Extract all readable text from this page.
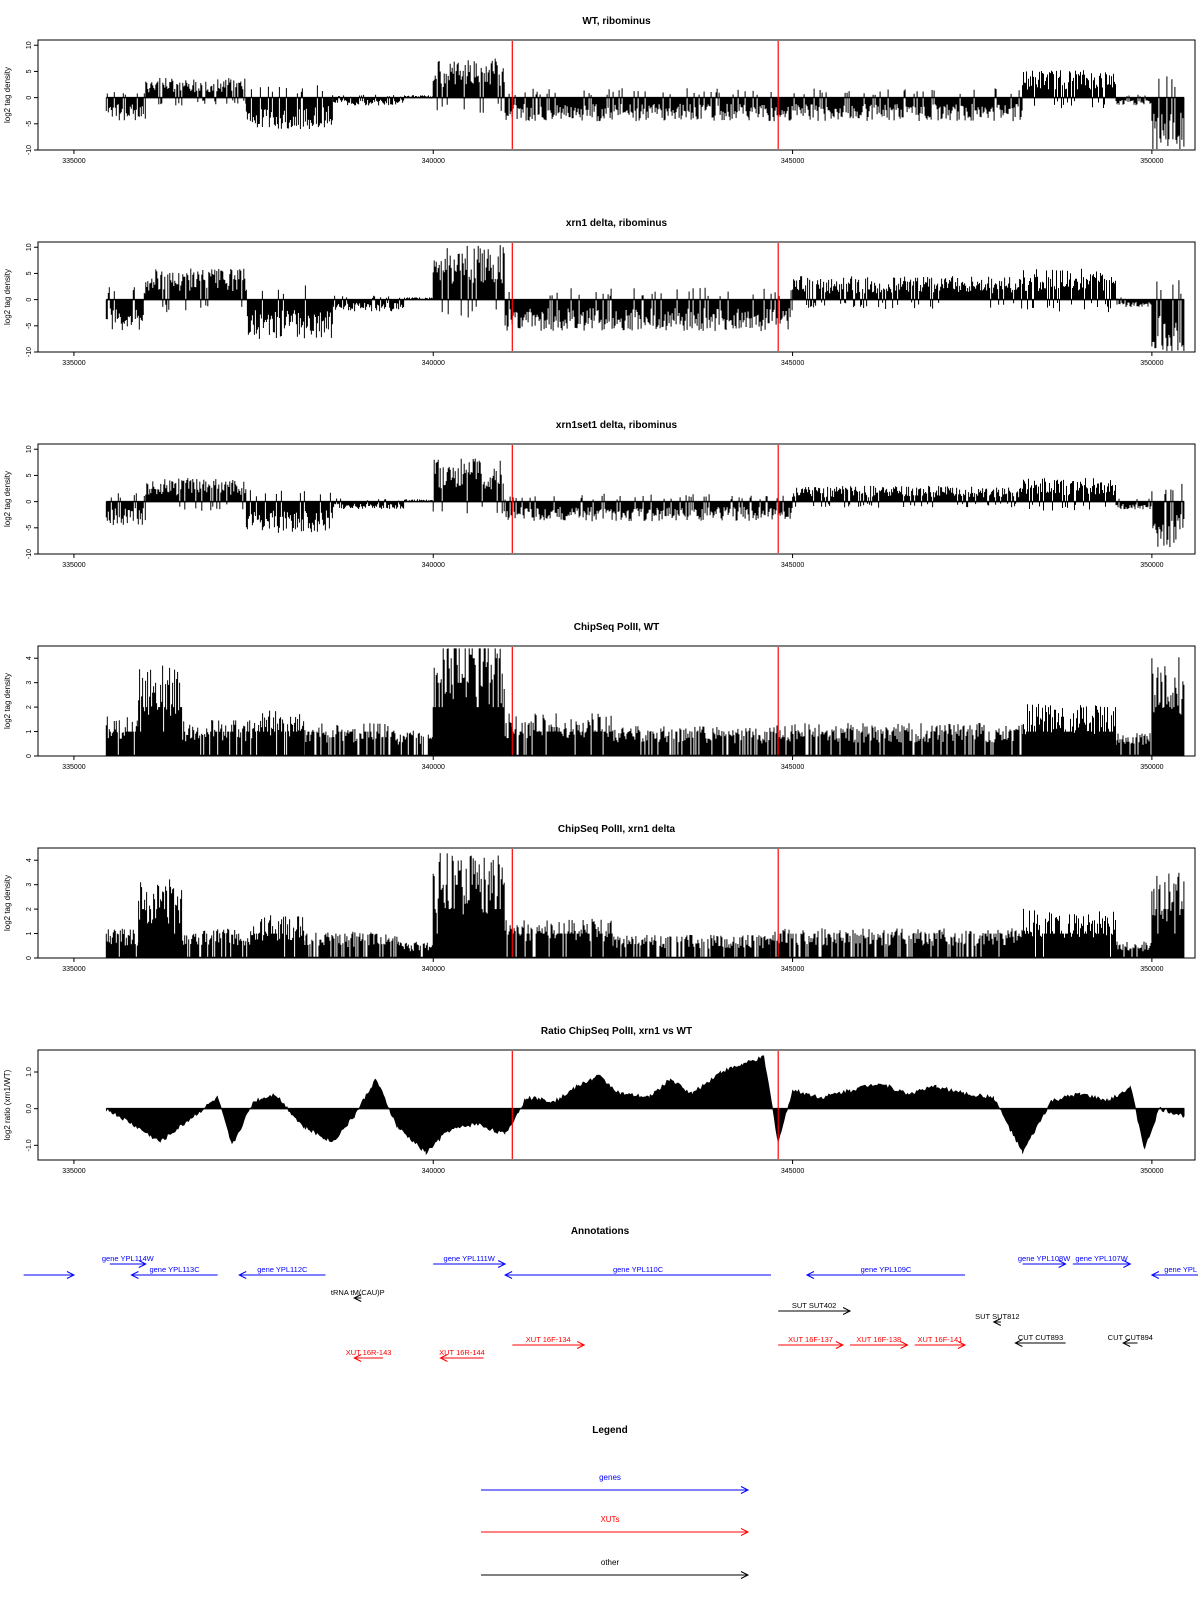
WT, ribominus
log2 tag density
-10
-5
0
5
10
335000	340000	345000	350000
xrn1 delta, ribominus
log2 tag density
-10
-5
0
5
10
335000	340000	345000	350000
xrn1set1 delta, ribominus
log2 tag density
-10
-5
0
5
10
335000	340000	345000	350000
ChipSeq PolII, WT
log2 tag density
0
1
2
3
4
335000	340000	345000	350000
ChipSeq PolII, xrn1 delta
log2 tag density
0
1
2
3
4
335000	340000	345000	350000
Ratio ChipSeq PolII, xrn1 vs WT
log2 ratio (xrn1/WT)
-1.0
0.0
1.0
335000	340000	345000	350000
Annotations
gene YPL114W
gene YPL113C	gene YPL112C
tRNA tM(CAU)P
gene YPL111W
gene YPL110C	gene YPL109C
gene YPL108W gene YPL107W
gene YPL
SUT SUT402
SUT SUT812
CUT CUT893	CUT CUT894
XUT 16R-143	XUT 16R-144
XUT 16F-134	XUT 16F-137	XUT 16F-138 XUT 16F-141
Legend
genes
XUTs
other
